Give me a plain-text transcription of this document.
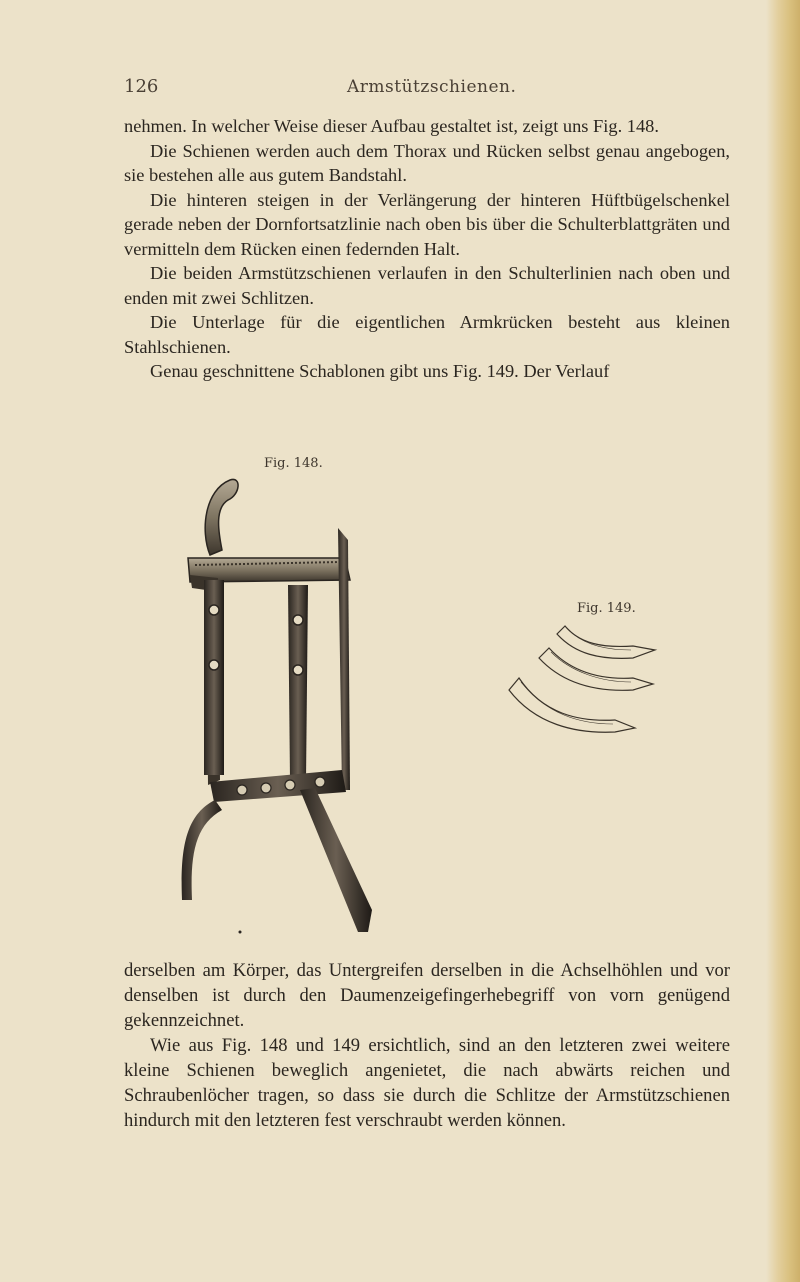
126	Armstützschienen.

nehmen. In welcher Weise dieser Aufbau gestaltet ist, zeigt uns Fig. 148.

Die Schienen werden auch dem Thorax und Rücken selbst genau angebogen, sie bestehen alle aus gutem Bandstahl.

Die hinteren steigen in der Verlängerung der hinteren Hüftbügelschenkel gerade neben der Dornfortsatzlinie nach oben bis über die Schulterblattgräten und vermitteln dem Rücken einen federnden Halt.

Die beiden Armstützschienen verlaufen in den Schulterlinien nach oben und enden mit zwei Schlitzen.

Die Unterlage für die eigentlichen Armkrücken besteht aus kleinen Stahlschienen.

Genau geschnittene Schablonen gibt uns Fig. 149. Der Verlauf

Fig. 148.
Fig. 149.

derselben am Körper, das Untergreifen derselben in die Achselhöhlen und vor denselben ist durch den Daumenzeigefingerhebegriff von vorn genügend gekennzeichnet.

Wie aus Fig. 148 und 149 ersichtlich, sind an den letzteren zwei weitere kleine Schienen beweglich angenietet, die nach abwärts reichen und Schraubenlöcher tragen, so dass sie durch die Schlitze der Armstützschienen hindurch mit den letzteren fest verschraubt werden können.
